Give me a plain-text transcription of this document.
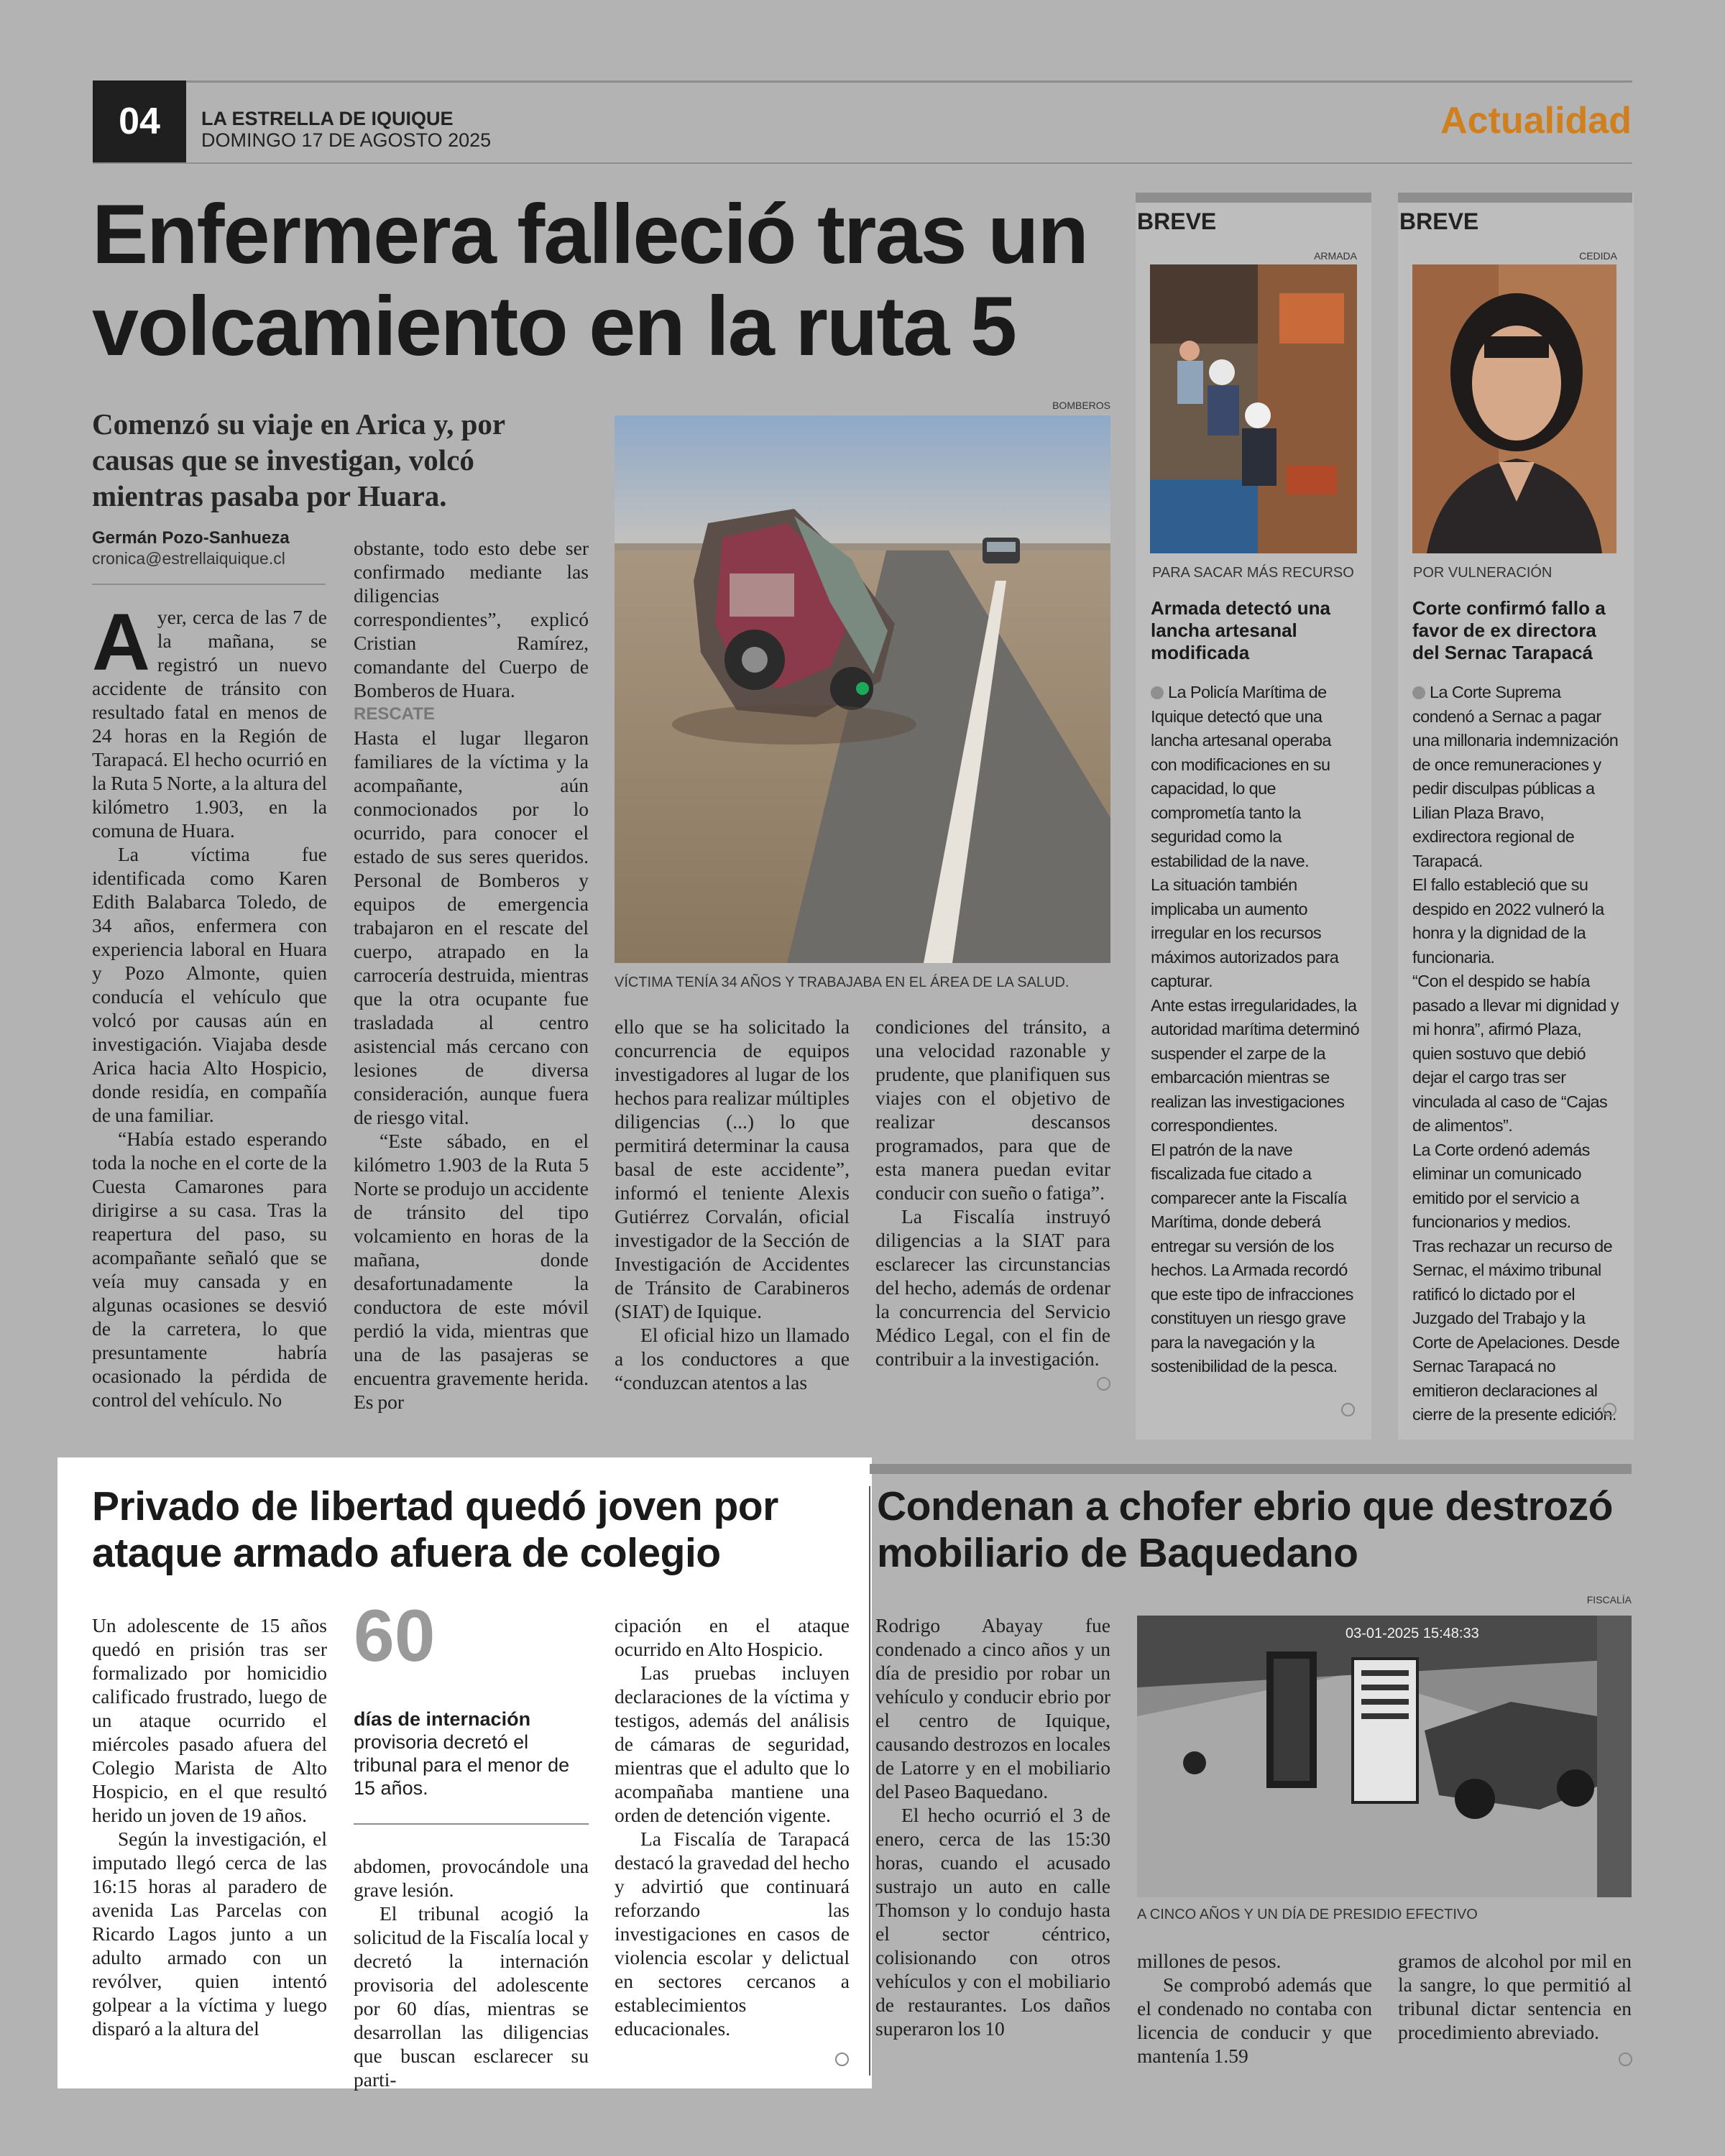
04	LA ESTRELLA DE IQUIQUE
DOMINGO 17 DE AGOSTO 2025	Actualidad
Enfermera falleció tras un
volcamiento en la ruta 5

Comenzó su viaje en Arica y, por causas que se investigan, volcó mientras pasaba por Huara.

Germán Pozo-Sanhueza
cronica@estrellaiquique.cl
BOMBEROS
VÍCTIMA TENÍA 34 AÑOS Y TRABAJABA EN EL ÁREA DE LA SALUD.
A yer, cerca de las 7 de la mañana, se registró un nuevo accidente de tránsito con resultado fatal en menos de 24 horas en la Región de Tarapacá. El hecho ocurrió en la Ruta 5 Norte, a la altura del kilómetro 1.903, en la comuna de Huara.

La víctima fue identificada como Karen Edith Balabarca Toledo, de 34 años, enfermera con experiencia laboral en Huara y Pozo Almonte, quien conducía el vehículo que volcó por causas aún en investigación. Viajaba desde Arica hacia Alto Hospicio, donde residía, en compañía de una familiar.

“Había estado esperando toda la noche en el corte de la Cuesta Camarones para dirigirse a su casa. Tras la reapertura del paso, su acompañante señaló que se veía muy cansada y en algunas ocasiones se desvió de la carretera, lo que presuntamente habría ocasionado la pérdida de control del vehículo. No

obstante, todo esto debe ser confirmado mediante las diligencias correspondientes”, explicó Cristian Ramírez, comandante del Cuerpo de Bomberos de Huara.

RESCATE

Hasta el lugar llegaron familiares de la víctima y la acompañante, aún conmocionados por lo ocurrido, para conocer el estado de sus seres queridos. Personal de Bomberos y equipos de emergencia trabajaron en el rescate del cuerpo, atrapado en la carrocería destruida, mientras que la otra ocupante fue trasladada al centro asistencial más cercano con lesiones de diversa consideración, aunque fuera de riesgo vital.

“Este sábado, en el kilómetro 1.903 de la Ruta 5 Norte se produjo un accidente de tránsito del tipo volcamiento en horas de la mañana, donde desafortunadamente la conductora de este móvil perdió la vida, mientras que una de las pasajeras se encuentra gravemente herida. Es por

ello que se ha solicitado la concurrencia de equipos investigadores al lugar de los hechos para realizar múltiples diligencias (...) lo que permitirá determinar la causa basal de este accidente”, informó el teniente Alexis Gutiérrez Corvalán, oficial investigador de la Sección de Investigación de Accidentes de Tránsito de Carabineros (SIAT) de Iquique.

El oficial hizo un llamado a los conductores a que “conduzcan atentos a las

condiciones del tránsito, a una velocidad razonable y prudente, que planifiquen sus viajes con el objetivo de realizar descansos programados, para que de esta manera puedan evitar conducir con sueño o fatiga”.

La Fiscalía instruyó diligencias a la SIAT para esclarecer las circunstancias del hecho, además de ordenar la concurrencia del Servicio Médico Legal, con el fin de contribuir a la investigación.

BREVE
ARMADA
PARA SACAR MÁS RECURSO
Armada detectó una lancha artesanal modificada

La Policía Marítima de Iquique detectó que una lancha artesanal operaba con modificaciones en su capacidad, lo que comprometía tanto la seguridad como la estabilidad de la nave.

La situación también implicaba un aumento irregular en los recursos máximos autorizados para capturar.

Ante estas irregularidades, la autoridad marítima determinó suspender el zarpe de la embarcación mientras se realizan las investigaciones correspondientes.

El patrón de la nave fiscalizada fue citado a comparecer ante la Fiscalía Marítima, donde deberá entregar su versión de los hechos. La Armada recordó que este tipo de infracciones constituyen un riesgo grave para la navegación y la sostenibilidad de la pesca.

BREVE
CEDIDA
POR VULNERACIÓN
Corte confirmó fallo a favor de ex directora del Sernac Tarapacá

La Corte Suprema condenó a Sernac a pagar una millonaria indemnización de once remuneraciones y pedir disculpas públicas a Lilian Plaza Bravo, exdirectora regional de Tarapacá.

El fallo estableció que su despido en 2022 vulneró la honra y la dignidad de la funcionaria.

“Con el despido se había pasado a llevar mi dignidad y mi honra”, afirmó Plaza, quien sostuvo que debió dejar el cargo tras ser vinculada al caso de “Cajas de alimentos”.

La Corte ordenó además eliminar un comunicado emitido por el servicio a funcionarios y medios.

Tras rechazar un recurso de Sernac, el máximo tribunal ratificó lo dictado por el Juzgado del Trabajo y la Corte de Apelaciones. Desde Sernac Tarapacá no emitieron declaraciones al cierre de la presente edición.

Privado de libertad quedó joven por ataque armado afuera de colegio

Un adolescente de 15 años quedó en prisión tras ser formalizado por homicidio calificado frustrado, luego de un ataque ocurrido el miércoles pasado afuera del Colegio Marista de Alto Hospicio, en el que resultó herido un joven de 19 años.

Según la investigación, el imputado llegó cerca de las 16:15 horas al paradero de avenida Las Parcelas con Ricardo Lagos junto a un adulto armado con un revólver, quien intentó golpear a la víctima y luego disparó a la altura del

60
días de internación provisoria decretó el tribunal para el menor de 15 años.

abdomen, provocándole una grave lesión.

El tribunal acogió la solicitud de la Fiscalía local y decretó la internación provisoria del adolescente por 60 días, mientras se desarrollan las diligencias que buscan esclarecer su parti-

cipación en el ataque ocurrido en Alto Hospicio.

Las pruebas incluyen declaraciones de la víctima y testigos, además del análisis de cámaras de seguridad, mientras que el adulto que lo acompañaba mantiene una orden de detención vigente.

La Fiscalía de Tarapacá destacó la gravedad del hecho y advirtió que continuará reforzando las investigaciones en casos de violencia escolar y delictual en sectores cercanos a establecimientos educacionales.

Condenan a chofer ebrio que destrozó mobiliario de Baquedano
FISCALÍA
03-01-2025 15:48:33
A CINCO AÑOS Y UN DÍA DE PRESIDIO EFECTIVO

Rodrigo Abayay fue condenado a cinco años y un día de presidio por robar un vehículo y conducir ebrio por el centro de Iquique, causando destrozos en locales de Latorre y en el mobiliario del Paseo Baquedano.

El hecho ocurrió el 3 de enero, cerca de las 15:30 horas, cuando el acusado sustrajo un auto en calle Thomson y lo condujo hasta el sector céntrico, colisionando con otros vehículos y con el mobiliario de restaurantes. Los daños superaron los 10

millones de pesos.

Se comprobó además que el condenado no contaba con licencia de conducir y que mantenía 1.59

gramos de alcohol por mil en la sangre, lo que permitió al tribunal dictar sentencia en procedimiento abreviado.
